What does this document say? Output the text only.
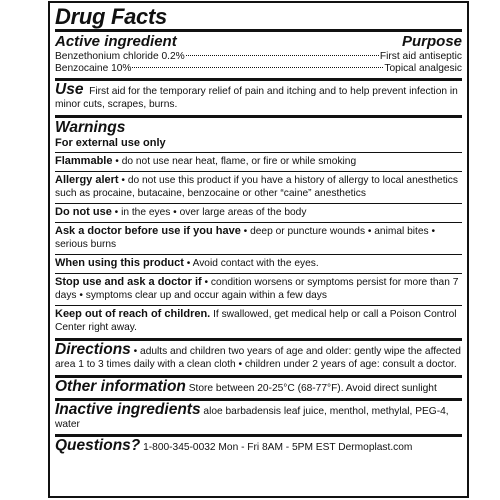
Drug Facts
Active ingredient	Purpose
Benzethonium chloride 0.2%	First aid antiseptic
Benzocaine 10%	Topical analgesic
Use First aid for the temporary relief of pain and itching and to help prevent infection in minor cuts, scrapes, burns.
Warnings
For external use only
Flammable • do not use near heat, flame, or fire or while smoking
Allergy alert • do not use this product if you have a history of allergy to local anesthetics such as procaine, butacaine, benzocaine or other “caine” anesthetics
Do not use • in the eyes • over large areas of the body
Ask a doctor before use if you have • deep or puncture wounds • animal bites • serious burns
When using this product • Avoid contact with the eyes.
Stop use and ask a doctor if • condition worsens or symptoms persist for more than 7 days • symptoms clear up and occur again within a few days
Keep out of reach of children. If swallowed, get medical help or call a Poison Control Center right away.
Directions • adults and children two years of age and older: gently wipe the affected area 1 to 3 times daily with a clean cloth • children under 2 years of age: consult a doctor.
Other information Store between 20-25°C (68-77°F). Avoid direct sunlight
Inactive ingredients aloe barbadensis leaf juice, menthol, methylal, PEG-4, water
Questions? 1-800-345-0032 Mon - Fri 8AM - 5PM EST Dermoplast.com
